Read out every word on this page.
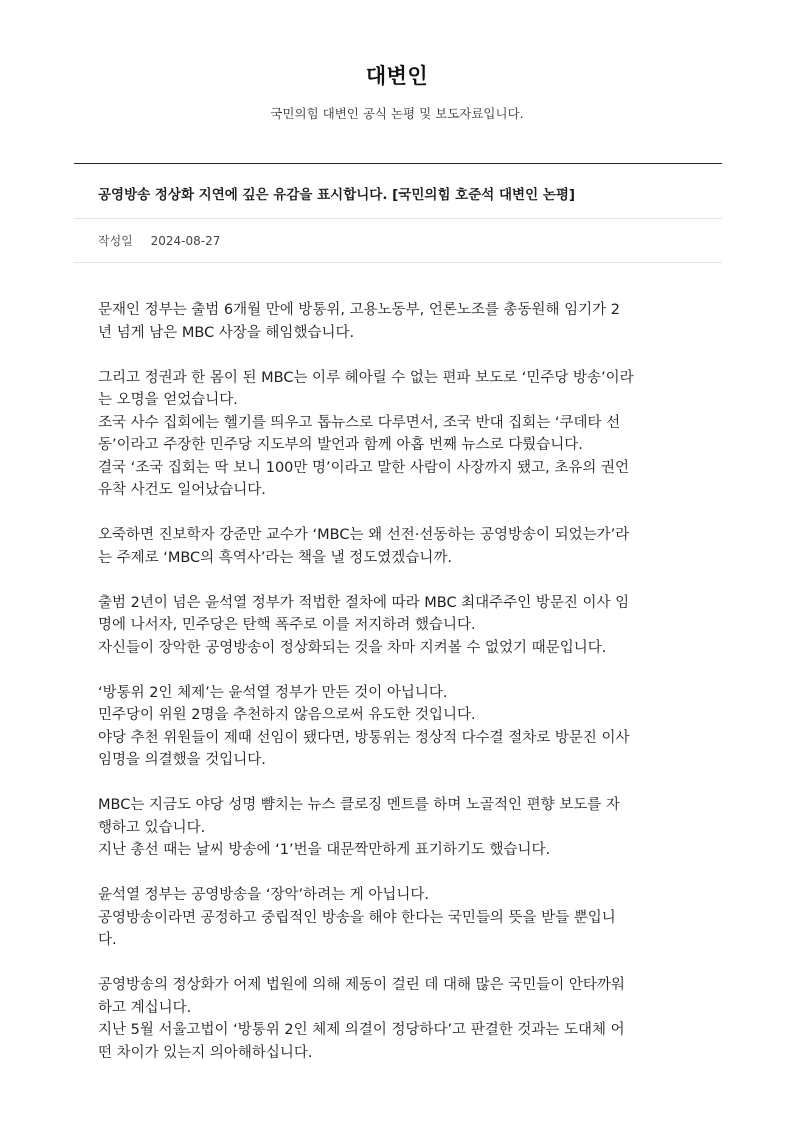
대변인
국민의힘 대변인 공식 논평 및 보도자료입니다.
공영방송 정상화 지연에 깊은 유감을 표시합니다. [국민의힘 호준석 대변인 논평]
작성일 2024-08-27
문재인 정부는 출범 6개월 만에 방통위, 고용노동부, 언론노조를 총동원해 임기가 2
년 넘게 남은 MBC 사장을 해임했습니다.
그리고 정권과 한 몸이 된 MBC는 이루 헤아릴 수 없는 편파 보도로 ‘민주당 방송’이라
는 오명을 얻었습니다.
조국 사수 집회에는 헬기를 띄우고 톱뉴스로 다루면서, 조국 반대 집회는 ‘쿠데타 선
동’이라고 주장한 민주당 지도부의 발언과 함께 아홉 번째 뉴스로 다뤘습니다.
결국 ‘조국 집회는 딱 보니 100만 명’이라고 말한 사람이 사장까지 됐고, 초유의 권언
유착 사건도 일어났습니다.
오죽하면 진보학자 강준만 교수가 ‘MBC는 왜 선전·선동하는 공영방송이 되었는가’라
는 주제로 ‘MBC의 흑역사’라는 책을 낼 정도였겠습니까.
출범 2년이 넘은 윤석열 정부가 적법한 절차에 따라 MBC 최대주주인 방문진 이사 임
명에 나서자, 민주당은 탄핵 폭주로 이를 저지하려 했습니다.
자신들이 장악한 공영방송이 정상화되는 것을 차마 지켜볼 수 없었기 때문입니다.
‘방통위 2인 체제’는 윤석열 정부가 만든 것이 아닙니다.
민주당이 위원 2명을 추천하지 않음으로써 유도한 것입니다.
야당 추천 위원들이 제때 선임이 됐다면, 방통위는 정상적 다수결 절차로 방문진 이사
임명을 의결했을 것입니다.
MBC는 지금도 야당 성명 뺨치는 뉴스 클로징 멘트를 하며 노골적인 편향 보도를 자
행하고 있습니다.
지난 총선 때는 날씨 방송에 ‘1’번을 대문짝만하게 표기하기도 했습니다.
윤석열 정부는 공영방송을 ‘장악’하려는 게 아닙니다.
공영방송이라면 공정하고 중립적인 방송을 해야 한다는 국민들의 뜻을 받들 뿐입니
다.
공영방송의 정상화가 어제 법원에 의해 제동이 걸린 데 대해 많은 국민들이 안타까워
하고 계십니다.
지난 5월 서울고법이 ‘방통위 2인 체제 의결이 정당하다’고 판결한 것과는 도대체 어
떤 차이가 있는지 의아해하십니다.
